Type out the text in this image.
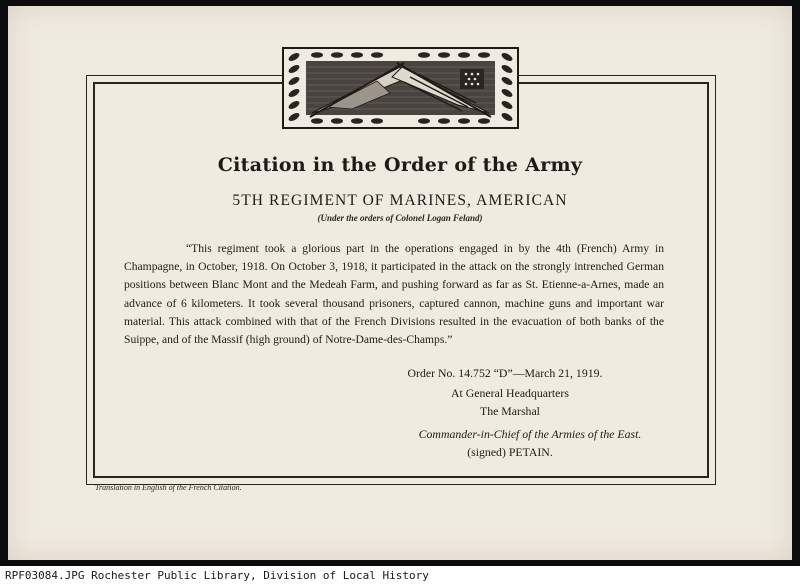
Citation in the Order of the Army
5TH REGIMENT OF MARINES, AMERICAN
(Under the orders of Colonel Logan Feland)

“This regiment took a glorious part in the operations engaged in by the 4th (French) Army in Champagne, in October, 1918. On October 3, 1918, it participated in the attack on the strongly intrenched German positions between Blanc Mont and the Medeah Farm, and pushing forward as far as St. Etienne-a-Arnes, made an advance of 6 kilometers. It took several thousand prisoners, captured cannon, machine guns and important war material. This attack combined with that of the French Divisions resulted in the evacuation of both banks of the Suippe, and of the Massif (high ground) of Notre-Dame-des-Champs.”

Order No. 14.752 “D”—March 21, 1919.
At General Headquarters
The Marshal
Commander-in-Chief of the Armies of the East.
(signed) PETAIN.
Translation in English of the French Citation.
RPF03084.JPG Rochester Public Library, Division of Local History
